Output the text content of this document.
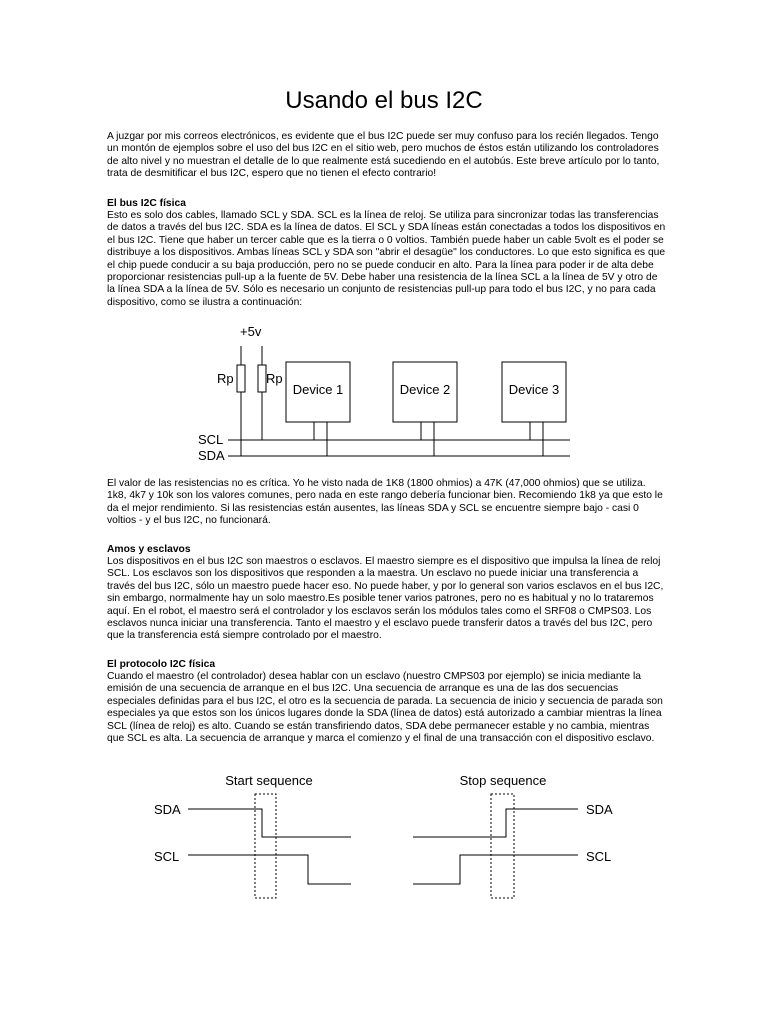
Usando el bus I2C

A juzgar por mis correos electrónicos, es evidente que el bus I2C puede ser muy confuso para los recién llegados. Tengo un montón de ejemplos sobre el uso del bus I2C en el sitio web, pero muchos de éstos están utilizando los controladores de alto nivel y no muestran el detalle de lo que realmente está sucediendo en el autobús. Este breve artículo por lo tanto, trata de desmitificar el bus I2C, espero que no tienen el efecto contrario!

El bus I2C física

Esto es solo dos cables, llamado SCL y SDA. SCL es la línea de reloj. Se utiliza para sincronizar todas las transferencias de datos a través del bus I2C. SDA es la línea de datos. El SCL y SDA líneas están conectadas a todos los dispositivos en el bus I2C. Tiene que haber un tercer cable que es la tierra o 0 voltios. También puede haber un cable 5volt es el poder se distribuye a los dispositivos. Ambas líneas SCL y SDA son "abrir el desagüe" los conductores. Lo que esto significa es que el chip puede conducir a su baja producción, pero no se puede conducir en alto. Para la línea para poder ir de alta debe proporcionar resistencias pull-up a la fuente de 5V. Debe haber una resistencia de la línea SCL a la línea de 5V y otro de la línea SDA a la línea de 5V. Sólo es necesario un conjunto de resistencias pull-up para todo el bus I2C, y no para cada dispositivo, como se ilustra a continuación:

+5v
Rp Rp
Device 1	Device 2	Device 3
SCL
SDA

El valor de las resistencias no es crítica. Yo he visto nada de 1K8 (1800 ohmios) a 47K (47,000 ohmios) que se utiliza. 1k8, 4k7 y 10k son los valores comunes, pero nada en este rango debería funcionar bien. Recomiendo 1k8 ya que esto le da el mejor rendimiento. Si las resistencias están ausentes, las líneas SDA y SCL se encuentre siempre bajo - casi 0 voltios - y el bus I2C, no funcionará.

Amos y esclavos

Los dispositivos en el bus I2C son maestros o esclavos. El maestro siempre es el dispositivo que impulsa la línea de reloj SCL. Los esclavos son los dispositivos que responden a la maestra. Un esclavo no puede iniciar una transferencia a través del bus I2C, sólo un maestro puede hacer eso. No puede haber, y por lo general son varios esclavos en el bus I2C, sin embargo, normalmente hay un solo maestro.Es posible tener varios patrones, pero no es habitual y no lo trataremos aquí. En el robot, el maestro será el controlador y los esclavos serán los módulos tales como el SRF08 o CMPS03. Los esclavos nunca iniciar una transferencia. Tanto el maestro y el esclavo puede transferir datos a través del bus I2C, pero que la transferencia está siempre controlado por el maestro.

El protocolo I2C física

Cuando el maestro (el controlador) desea hablar con un esclavo (nuestro CMPS03 por ejemplo) se inicia mediante la emisión de una secuencia de arranque en el bus I2C. Una secuencia de arranque es una de las dos secuencias especiales definidas para el bus I2C, el otro es la secuencia de parada. La secuencia de inicio y secuencia de parada son especiales ya que estos son los únicos lugares donde la SDA (línea de datos) está autorizado a cambiar mientras la línea SCL (línea de reloj) es alto. Cuando se están transfiriendo datos, SDA debe permanecer estable y no cambia, mientras que SCL es alta. La secuencia de arranque y marca el comienzo y el final de una transacción con el dispositivo esclavo.

Start sequence	Stop sequence
SDA
SCL
SDA
SCL
